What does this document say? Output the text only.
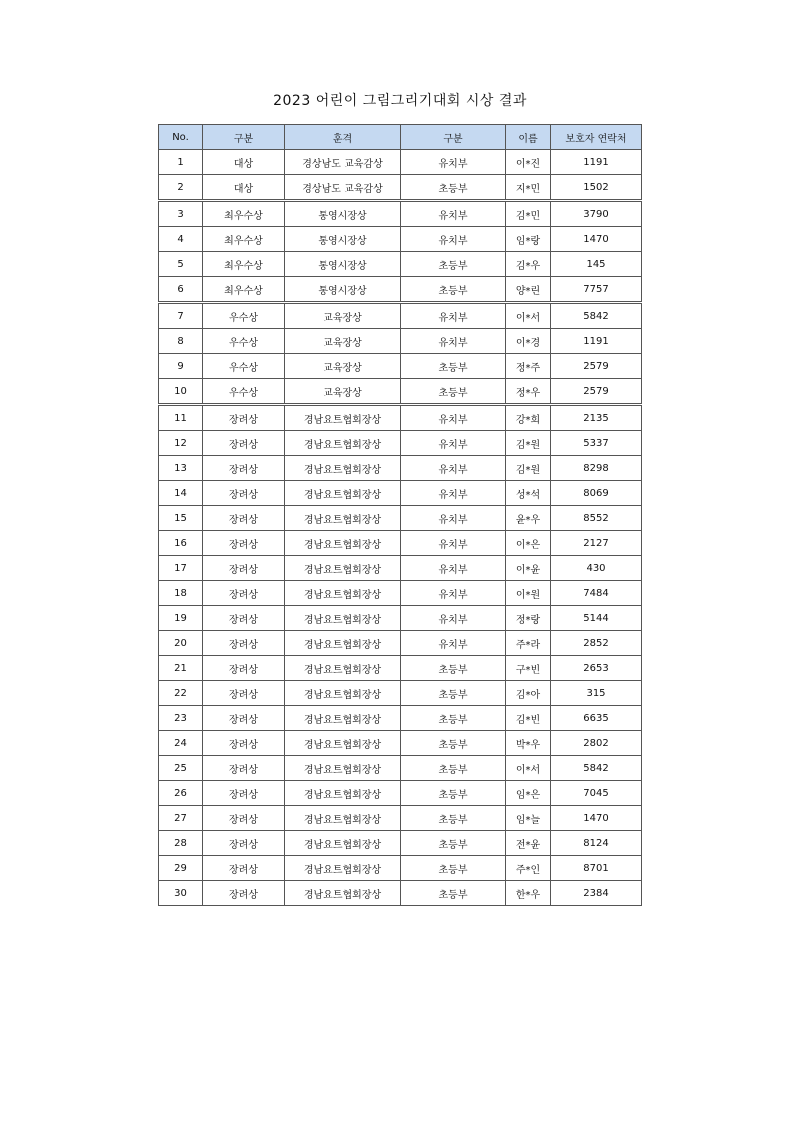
2023 어린이 그림그리기대회 시상 결과
No.	구분	훈격	구분	이름	보호자 연락처
1	대상	경상남도 교육감상	유치부	이*진	1191
2	대상	경상남도 교육감상	초등부	지*민	1502
3	최우수상	통영시장상	유치부	김*민	3790
4	최우수상	통영시장상	유치부	임*랑	1470
5	최우수상	통영시장상	초등부	김*우	145
6	최우수상	통영시장상	초등부	양*린	7757
7	우수상	교육장상	유치부	이*서	5842
8	우수상	교육장상	유치부	이*경	1191
9	우수상	교육장상	초등부	정*주	2579
10	우수상	교육장상	초등부	정*우	2579
11	장려상	경남요트협회장상	유치부	강*희	2135
12	장려상	경남요트협회장상	유치부	김*원	5337
13	장려상	경남요트협회장상	유치부	김*원	8298
14	장려상	경남요트협회장상	유치부	성*석	8069
15	장려상	경남요트협회장상	유치부	윤*우	8552
16	장려상	경남요트협회장상	유치부	이*은	2127
17	장려상	경남요트협회장상	유치부	이*윤	430
18	장려상	경남요트협회장상	유치부	이*원	7484
19	장려상	경남요트협회장상	유치부	정*랑	5144
20	장려상	경남요트협회장상	유치부	주*라	2852
21	장려상	경남요트협회장상	초등부	구*빈	2653
22	장려상	경남요트협회장상	초등부	김*아	315
23	장려상	경남요트협회장상	초등부	김*빈	6635
24	장려상	경남요트협회장상	초등부	박*우	2802
25	장려상	경남요트협회장상	초등부	이*서	5842
26	장려상	경남요트협회장상	초등부	임*은	7045
27	장려상	경남요트협회장상	초등부	임*늘	1470
28	장려상	경남요트협회장상	초등부	전*윤	8124
29	장려상	경남요트협회장상	초등부	주*인	8701
30	장려상	경남요트협회장상	초등부	한*우	2384
